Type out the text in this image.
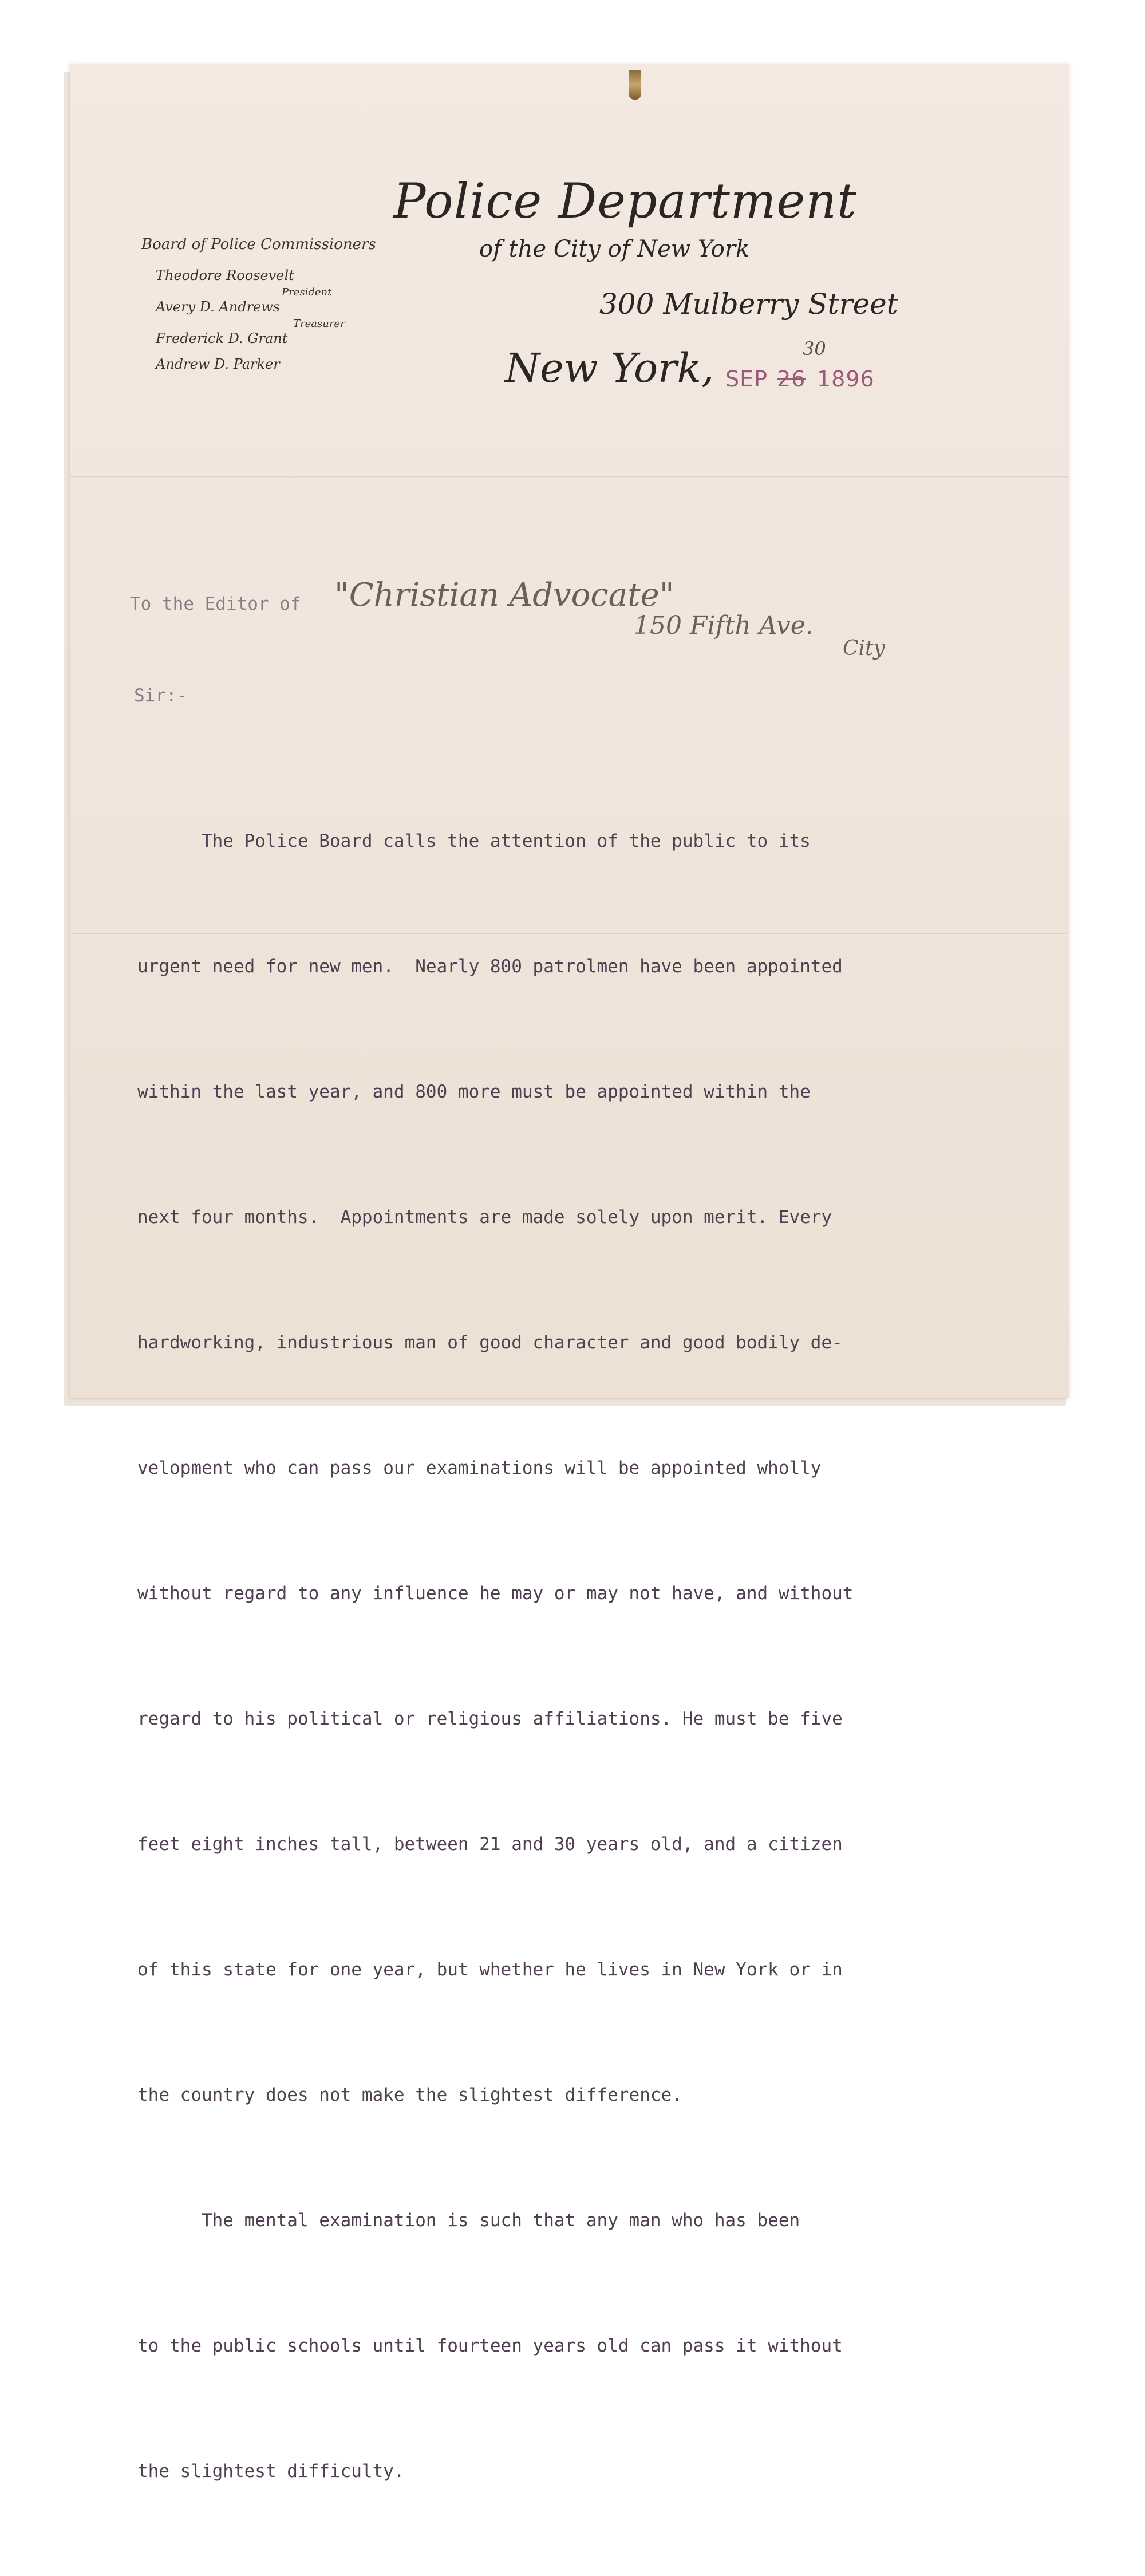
Police Department
of the City of New York
300 Mulberry Street
New York,
Board of Police Commissioners
Theodore Roosevelt
President
Avery D. Andrews
Treasurer
Frederick D. Grant
Andrew D. Parker
SEP 26
30
1896
To the Editor of "Christian Advocate"
150 Fifth Ave.
City
Sir:-

The Police Board calls the attention of the public to its

urgent need for new men.  Nearly 800 patrolmen have been appointed

within the last year, and 800 more must be appointed within the

next four months.  Appointments are made solely upon merit. Every

hardworking, industrious man of good character and good bodily de-

velopment who can pass our examinations will be appointed wholly

without regard to any influence he may or may not have, and without

regard to his political or religious affiliations. He must be five

feet eight inches tall, between 21 and 30 years old, and a citizen

of this state for one year, but whether he lives in New York or in

the country does not make the slightest difference.

The mental examination is such that any man who has been

to the public schools until fourteen years old can pass it without

the slightest difficulty.
